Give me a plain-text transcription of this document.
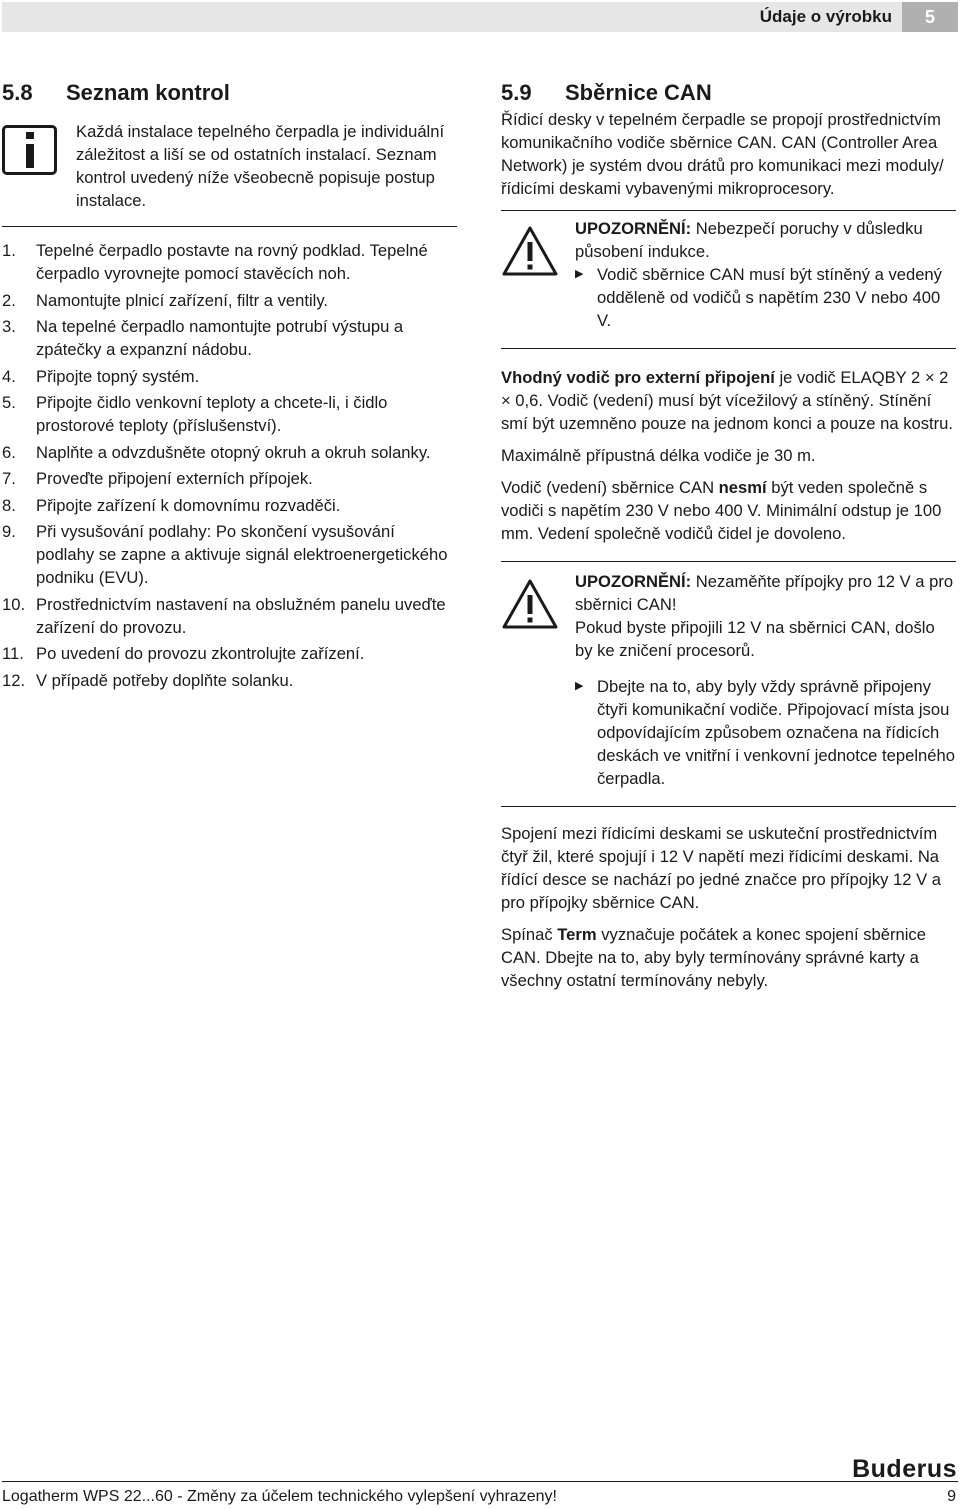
Údaje o výrobku	5
5.8	Seznam kontrol
Každá instalace tepelného čerpadla je individuální záležitost a liší se od ostatních instalací. Seznam kontrol uvedený níže všeobecně popisuje postup instalace.
1.	Tepelné čerpadlo postavte na rovný podklad. Tepelné čerpadlo vyrovnejte pomocí stavěcích noh.
2.	Namontujte plnicí zařízení, filtr a ventily.
3.	Na tepelné čerpadlo namontujte potrubí výstupu a zpátečky a expanzní nádobu.
4.	Připojte topný systém.
5.	Připojte čidlo venkovní teploty a chcete-li, i čidlo prostorové teploty (příslušenství).
6.	Naplňte a odvzdušněte otopný okruh a okruh solanky.
7.	Proveďte připojení externích přípojek.
8.	Připojte zařízení k domovnímu rozvaděči.
9.	Při vysušování podlahy: Po skončení vysušování podlahy se zapne a aktivuje signál elektroenergetického podniku (EVU).
10. Prostřednictvím nastavení na obslužném panelu uveďte zařízení do provozu.
11. Po uvedení do provozu zkontrolujte zařízení.
12. V případě potřeby doplňte solanku.
5.9	Sběrnice CAN

Řídicí desky v tepelném čerpadle se propojí prostřednictvím komunikačního vodiče sběrnice CAN. CAN (Controller Area Network) je systém dvou drátů pro komunikaci mezi moduly/řídicími deskami vybavenými mikroprocesory.

UPOZORNĚNÍ: Nebezpečí poruchy v důsledku působení indukce.
▶ Vodič sběrnice CAN musí být stíněný a vedený odděleně od vodičů s napětím 230 V nebo 400 V.

Vhodný vodič pro externí připojení je vodič ELAQBY 2 × 2 × 0,6. Vodič (vedení) musí být vícežilový a stíněný. Stínění smí být uzemněno pouze na jednom konci a pouze na kostru.

Maximálně přípustná délka vodiče je 30 m.

Vodič (vedení) sběrnice CAN nesmí být veden společně s vodiči s napětím 230 V nebo 400 V. Minimální odstup je 100 mm. Vedení společně vodičů čidel je dovoleno.

UPOZORNĚNÍ: Nezaměňte přípojky pro 12 V a pro sběrnici CAN!
Pokud byste připojili 12 V na sběrnici CAN, došlo by ke zničení procesorů.
▶ Dbejte na to, aby byly vždy správně připojeny čtyři komunikační vodiče. Připojovací místa jsou odpovídajícím způsobem označena na řídicích deskách ve vnitřní i venkovní jednotce tepelného čerpadla.

Spojení mezi řídicími deskami se uskuteční prostřednictvím čtyř žil, které spojují i 12 V napětí mezi řídicími deskami. Na řídící desce se nachází po jedné značce pro přípojky 12 V a pro přípojky sběrnice CAN.

Spínač Term vyznačuje počátek a konec spojení sběrnice CAN. Dbejte na to, aby byly termínovány správné karty a všechny ostatní termínovány nebyly.

Buderus
Logatherm WPS 22...60 - Změny za účelem technického vylepšení vyhrazeny!	9
